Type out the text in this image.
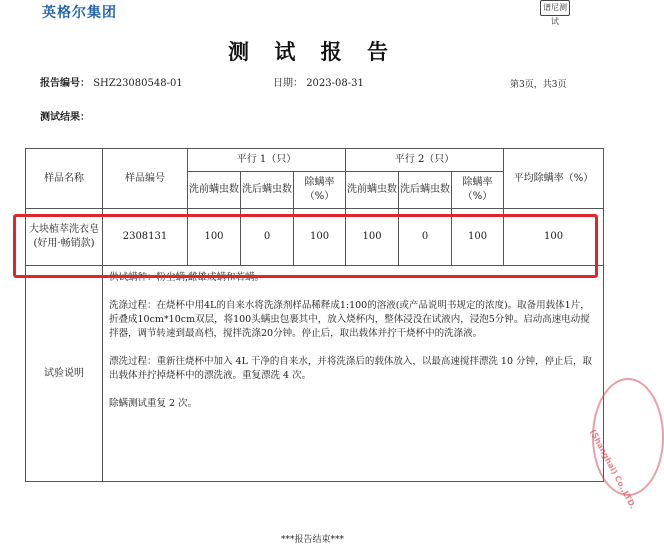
英格尔集团	谱尼测试
测 试 报 告
报告编号： SHZ23080548-01	日期： 2023-08-31	第3页，共3页
测试结果：
样品名称	样品编号	平行 1（只）			平行 2（只）			平均除螨率（%）
		洗前螨虫数	洗后螨虫数	除螨率（%）	洗前螨虫数	洗后螨虫数	除螨率（%）	
大块植萃洗衣皂(好用·畅销款)	2308131	100	0	100	100	0	100	100
试验说明	供试螨种：粉尘螨,雌雄成螨和若螨。

洗涤过程：在烧杯中用4L的自来水将洗涤剂样品稀释成1:100的溶液(或产品说明书规定的浓度)。取备用载体1片，折叠成10cm*10cm双层，将100头螨虫包裹其中，放入烧杯内，整体浸没在试液内，浸泡5分钟。启动高速电动搅拌器，调节转速到最高档，搅拌洗涤20分钟。停止后，取出载体并拧干烧杯中的洗涤液。

漂洗过程：重新往烧杯中加入 4L 干净的自来水，并将洗涤后的载体放入，以最高速搅拌漂洗 10 分钟，停止后，取出载体并拧掉烧杯中的漂洗液。重复漂洗 4 次。

除螨测试重复 2 次。							

(Shanghai) Co.,LTD.
***报告结束***
